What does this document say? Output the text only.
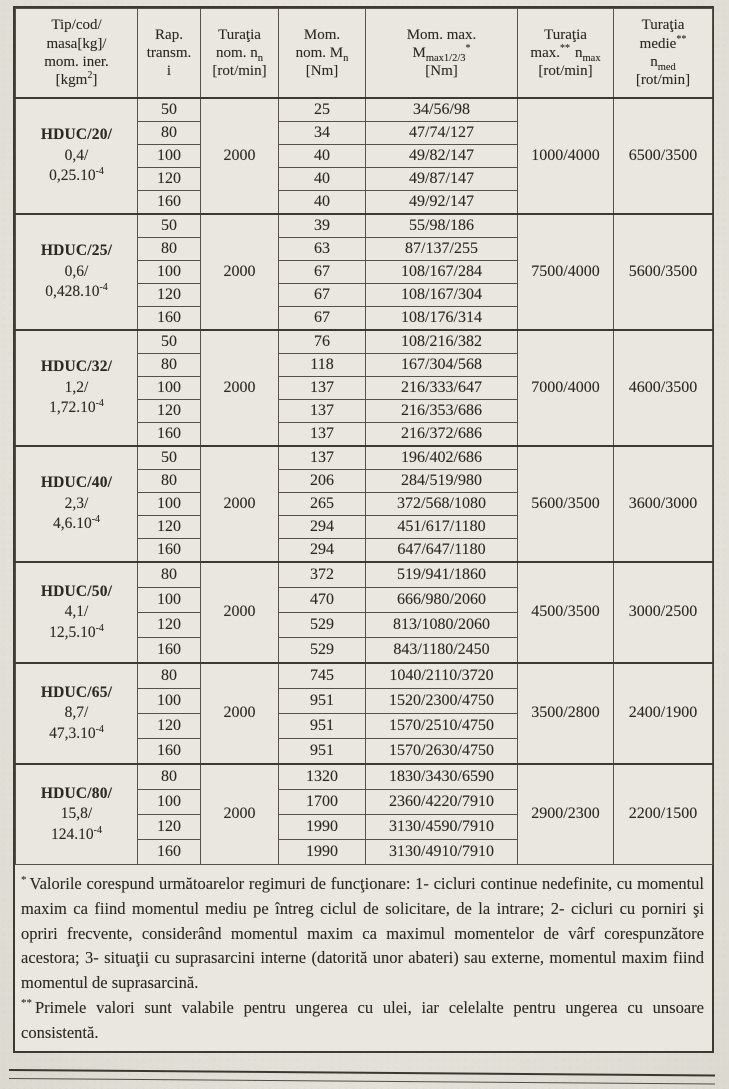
Tip/cod/
masa[kg]/
mom. iner.
[kgm$^2$]

Rap.
transm.
i

Turaţia
nom. $n_n$
[rot/min]

Mom.
nom. $M_n$
[Nm]

Mom. max.
$M_{max1/2/3}^*$
[Nm]

Turaţia
max.** $n_{max}$
[rot/min]

Turaţia
medie**
$n_{med}$
[rot/min]

HDUC/20/
0,4/
$0,25.10^{-4}$	50	2000	25	34/56/98	1000/4000	6500/3500
	80		34	47/74/127		
	100		40	49/82/147		
	120		40	49/87/147		
	160		40	49/92/147		

HDUC/25/
0,6/
$0,428.10^{-4}$	50	2000	39	55/98/186	7500/4000	5600/3500
	80		63	87/137/255		
	100		67	108/167/284		
	120		67	108/167/304		
	160		67	108/176/314		

HDUC/32/
1,2/
$1,72.10^{-4}$	50	2000	76	108/216/382	7000/4000	4600/3500
	80		118	167/304/568		
	100		137	216/333/647		
	120		137	216/353/686		
	160		137	216/372/686		

HDUC/40/
2,3/
$4,6.10^{-4}$	50	2000	137	196/402/686	5600/3500	3600/3000
	80		206	284/519/980		
	100		265	372/568/1080		
	120		294	451/617/1180		
	160		294	647/647/1180		

HDUC/50/
4,1/
$12,5.10^{-4}$	80	2000	372	519/941/1860	4500/3500	3000/2500
	100		470	666/980/2060		
	120		529	813/1080/2060		
	160		529	843/1180/2450		

HDUC/65/
8,7/
$47,3.10^{-4}$	80	2000	745	1040/2110/3720	3500/2800	2400/1900
	100		951	1520/2300/4750		
	120		951	1570/2510/4750		
	160		951	1570/2630/4750		

HDUC/80/
15,8/
$124.10^{-4}$	80	2000	1320	1830/3430/6590	2900/2300	2200/1500
	100		1700	2360/4220/7910		
	120		1990	3130/4590/7910		
	160		1990	3130/4910/7910		

* Valorile corespund următoarelor regimuri de funcţionare: 1- cicluri continue nedefinite, cu momentul maxim ca fiind momentul mediu pe întreg ciclul de solicitare, de la intrare; 2- cicluri cu porniri şi opriri frecvente, considerând momentul maxim ca maximul momentelor de vârf corespunzătore acestora; 3- situaţii cu suprasarcini interne (datorită unor abateri) sau externe, momentul maxim fiind momentul de suprasarcină.

** Primele valori sunt valabile pentru ungerea cu ulei, iar celelalte pentru ungerea cu unsoare consistentă.
